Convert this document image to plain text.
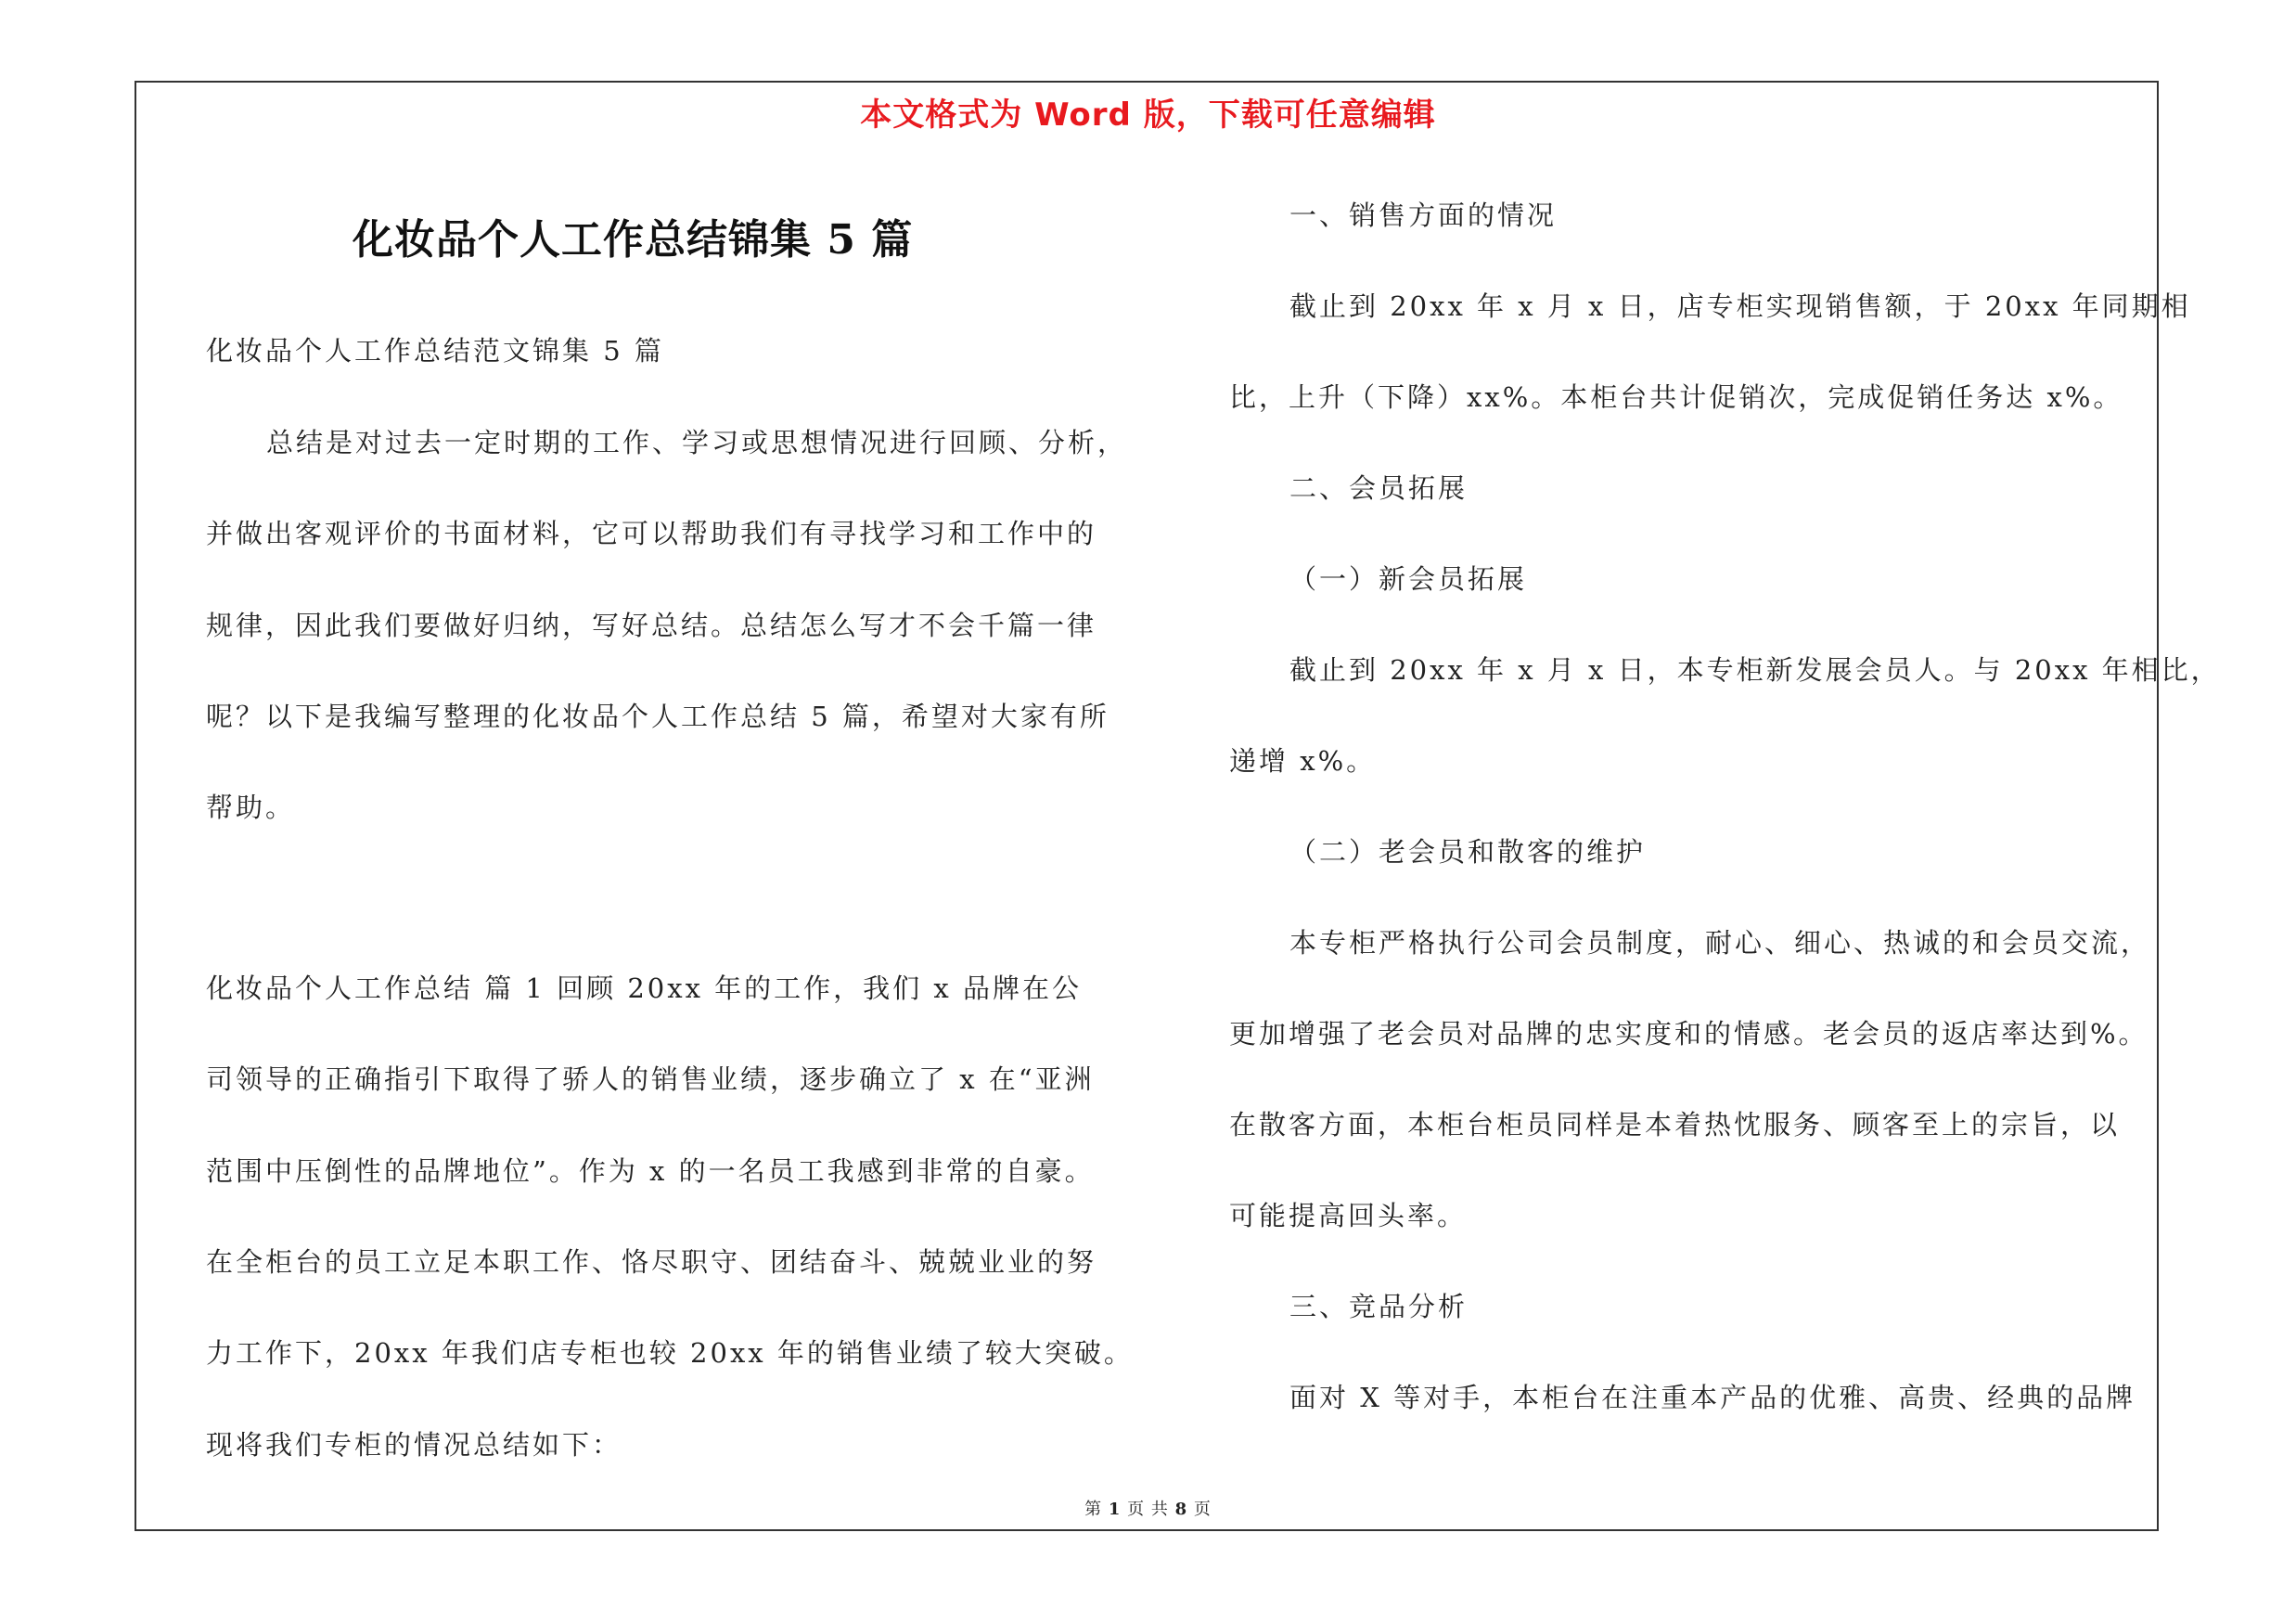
本文格式为 Word 版，下载可任意编辑
化妆品个人工作总结锦集 5 篇
化妆品个人工作总结范文锦集 5 篇
总结是对过去一定时期的工作、学习或思想情况进行回顾、分析，
并做出客观评价的书面材料，它可以帮助我们有寻找学习和工作中的
规律，因此我们要做好归纳，写好总结。总结怎么写才不会千篇一律
呢？以下是我编写整理的化妆品个人工作总结 5 篇，希望对大家有所
帮助。
化妆品个人工作总结 篇 1 回顾 20xx 年的工作，我们 x 品牌在公
司领导的正确指引下取得了骄人的销售业绩，逐步确立了 x 在“亚洲
范围中压倒性的品牌地位”。作为 x 的一名员工我感到非常的自豪。
在全柜台的员工立足本职工作、恪尽职守、团结奋斗、兢兢业业的努
力工作下，20xx 年我们店专柜也较 20xx 年的销售业绩了较大突破。
现将我们专柜的情况总结如下：
一、销售方面的情况
截止到 20xx 年 x 月 x 日，店专柜实现销售额，于 20xx 年同期相
比，上升（下降）xx%。本柜台共计促销次，完成促销任务达 x%。
二、会员拓展
（一）新会员拓展
截止到 20xx 年 x 月 x 日，本专柜新发展会员人。与 20xx 年相比，
递增 x%。
（二）老会员和散客的维护
本专柜严格执行公司会员制度，耐心、细心、热诚的和会员交流，
更加增强了老会员对品牌的忠实度和的情感。老会员的返店率达到%。
在散客方面，本柜台柜员同样是本着热忱服务、顾客至上的宗旨，以
可能提高回头率。
三、竞品分析
面对 X 等对手，本柜台在注重本产品的优雅、高贵、经典的品牌
第 1 页 共 8 页
